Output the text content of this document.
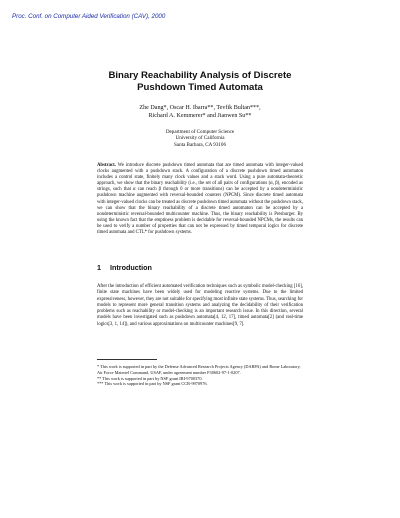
Proc. Conf. on Computer Aided Verification (CAV), 2000
Binary Reachability Analysis of Discrete
Pushdown Timed Automata
Zhe Dang*, Oscar H. Ibarra**, Tevfik Bultan***,
Richard A. Kemmerer* and Jianwen Su**
Department of Computer Science
University of California
Santa Barbara, CA 93106
Abstract. We introduce discrete pushdown timed automata that are timed automata with integer-valued clocks augmented with a pushdown stack. A configuration of a discrete pushdown timed automaton includes a control state, finitely many clock values and a stack word. Using a pure automata-theoretic approach, we show that the binary reachability (i.e., the set of all pairs of configurations (α, β), encoded as strings, such that α can reach β through 0 or more transitions) can be accepted by a nondeterministic pushdown machine augmented with reversal-bounded counters (NPCM). Since discrete timed automata with integer-valued clocks can be treated as discrete pushdown timed automata without the pushdown stack, we can show that the binary reachability of a discrete timed automaton can be accepted by a nondeterministic reversal-bounded multicounter machine. Thus, the binary reachability is Presburger. By using the known fact that the emptiness problem is decidable for reversal-bounded NPCMs, the results can be used to verify a number of properties that can not be expressed by timed temporal logics for discrete timed automata and CTL* for pushdown systems.
1 Introduction
After the introduction of efficient automated verification techniques such as symbolic model-checking [16], finite state machines have been widely used for modeling reactive systems. Due to the limited expressiveness, however, they are not suitable for specifying most infinite state systems. Thus, searching for models to represent more general transition systems and analyzing the decidability of their verification problems such as reachability or model-checking is an important research issue. In this direction, several models have been investigated such as pushdown automata[4, 12, 17], timed automata[2] (and real-time logics[3, 1, 14]), and various approximations on multicounter machines[9, 7].
* This work is supported in part by the Defense Advanced Research Projects Agency (DARPA) and Rome Laboratory, Air Force Materiel Command, USAF, under agreement number F30602-97-1-0207.
** This work is supported in part by NSF grant IRI-9700370.
*** This work is supported in part by NSF grant CCR-9970976.
